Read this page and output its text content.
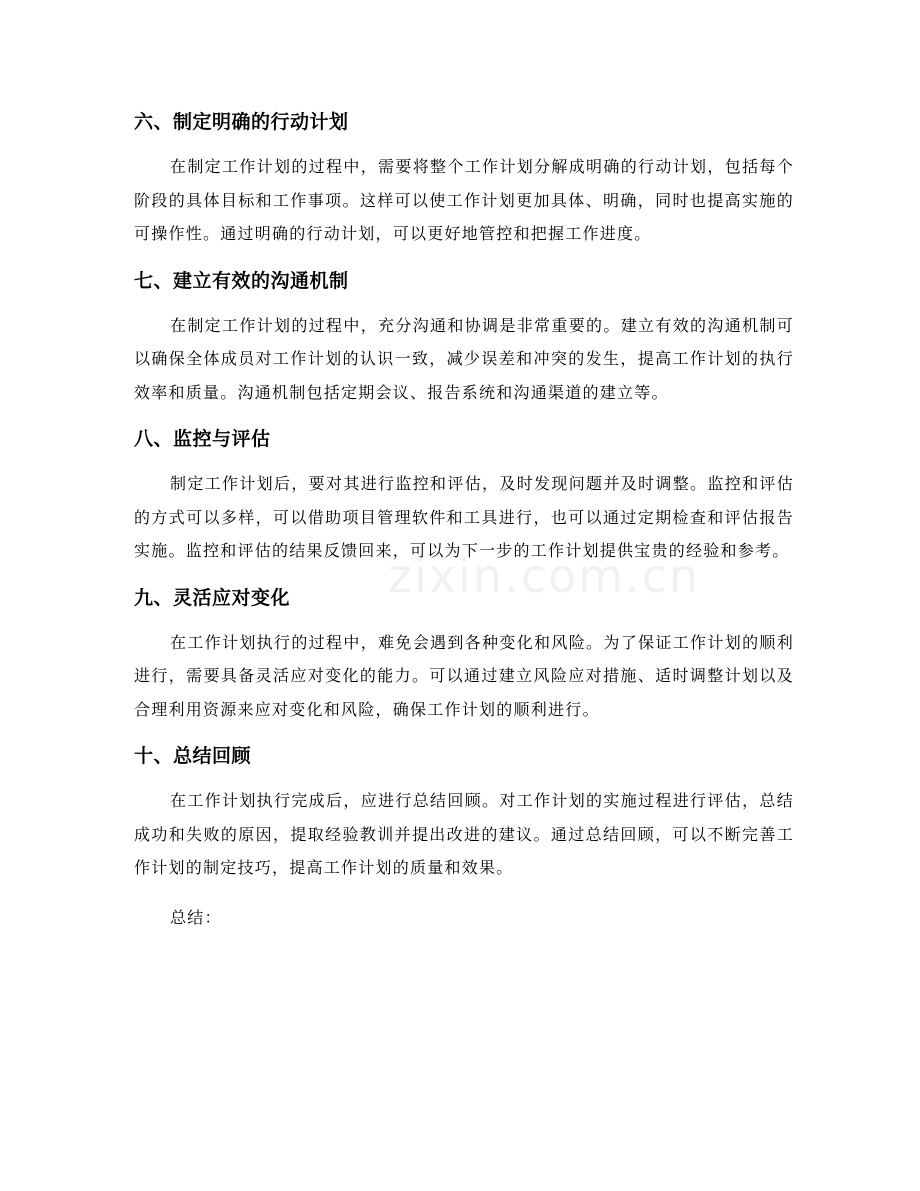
六、制定明确的行动计划

在制定工作计划的过程中，需要将整个工作计划分解成明确的行动计划，包括每个阶段的具体目标和工作事项。这样可以使工作计划更加具体、明确，同时也提高实施的可操作性。通过明确的行动计划，可以更好地管控和把握工作进度。

七、建立有效的沟通机制

在制定工作计划的过程中，充分沟通和协调是非常重要的。建立有效的沟通机制可以确保全体成员对工作计划的认识一致，减少误差和冲突的发生，提高工作计划的执行效率和质量。沟通机制包括定期会议、报告系统和沟通渠道的建立等。

八、监控与评估

制定工作计划后，要对其进行监控和评估，及时发现问题并及时调整。监控和评估的方式可以多样，可以借助项目管理软件和工具进行，也可以通过定期检查和评估报告实施。监控和评估的结果反馈回来，可以为下一步的工作计划提供宝贵的经验和参考。

九、灵活应对变化

在工作计划执行的过程中，难免会遇到各种变化和风险。为了保证工作计划的顺利进行，需要具备灵活应对变化的能力。可以通过建立风险应对措施、适时调整计划以及合理利用资源来应对变化和风险，确保工作计划的顺利进行。

十、总结回顾

在工作计划执行完成后，应进行总结回顾。对工作计划的实施过程进行评估，总结成功和失败的原因，提取经验教训并提出改进的建议。通过总结回顾，可以不断完善工作计划的制定技巧，提高工作计划的质量和效果。

总结：

zixin.com.cn
